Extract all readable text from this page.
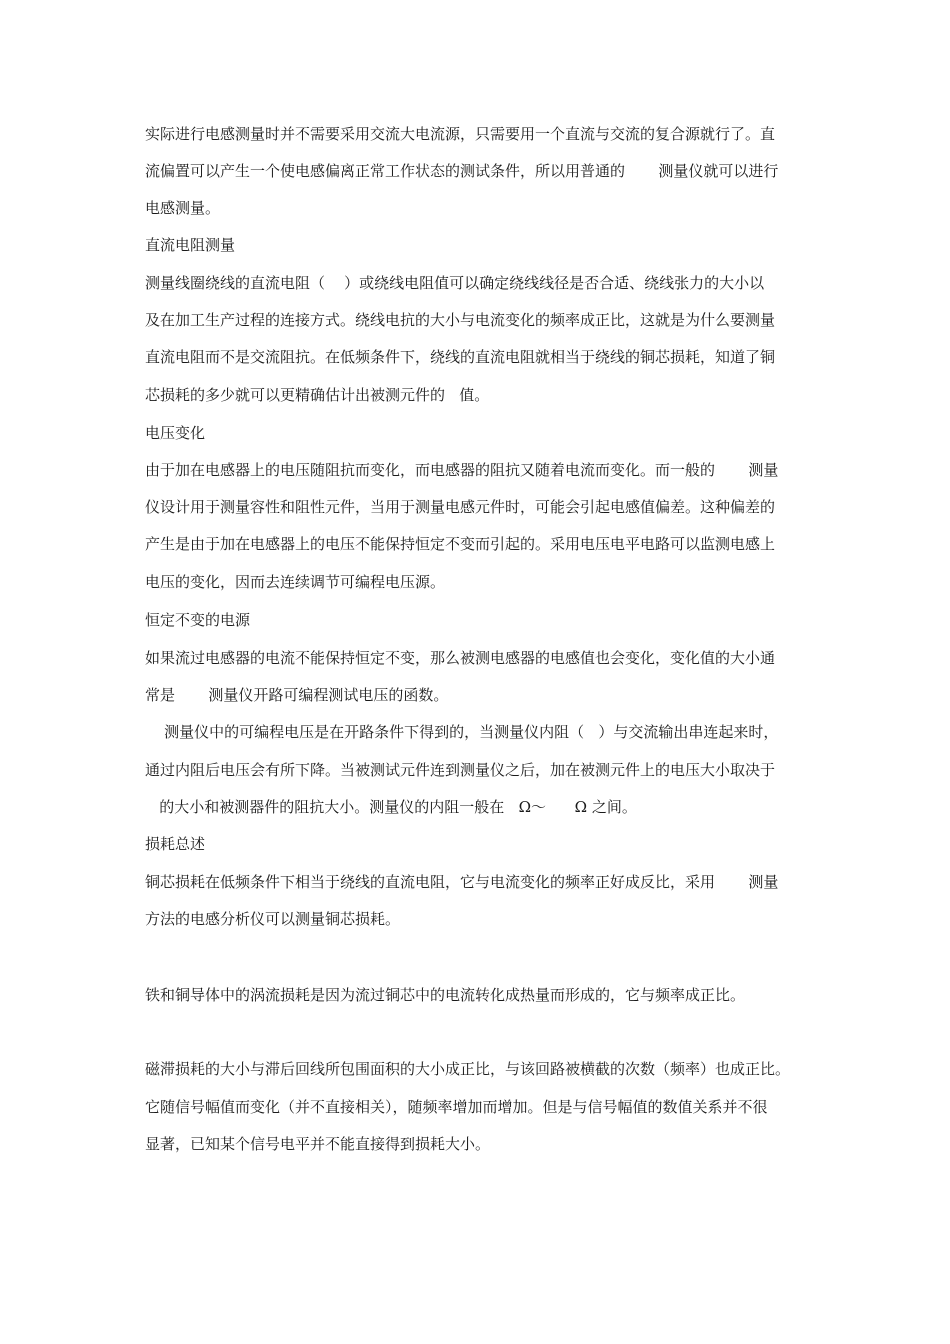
实际进行电感测量时并不需要采用交流大电流源，只需要用一个直流与交流的复合源就行了。直
流偏置可以产生一个使电感偏离正常工作状态的测试条件，所以用普通的       测量仪就可以进行
电感测量。
直流电阻测量
测量线圈绕线的直流电阻（    ）或绕线电阻值可以确定绕线线径是否合适、绕线张力的大小以
及在加工生产过程的连接方式。绕线电抗的大小与电流变化的频率成正比，这就是为什么要测量
直流电阻而不是交流阻抗。在低频条件下，绕线的直流电阻就相当于绕线的铜芯损耗，知道了铜
芯损耗的多少就可以更精确估计出被测元件的   值。
电压变化
由于加在电感器上的电压随阻抗而变化，而电感器的阻抗又随着电流而变化。而一般的       测量
仪设计用于测量容性和阻性元件，当用于测量电感元件时，可能会引起电感值偏差。这种偏差的
产生是由于加在电感器上的电压不能保持恒定不变而引起的。采用电压电平电路可以监测电感上
电压的变化，因而去连续调节可编程电压源。
恒定不变的电源
如果流过电感器的电流不能保持恒定不变，那么被测电感器的电感值也会变化，变化值的大小通
常是       测量仪开路可编程测试电压的函数。
测量仪中的可编程电压是在开路条件下得到的，当测量仪内阻（   ）与交流输出串连起来时，
通过内阻后电压会有所下降。当被测试元件连到测量仪之后，加在被测元件上的电压大小取决于
的大小和被测器件的阻抗大小。测量仪的内阻一般在   Ω～      Ω 之间。
损耗总述
铜芯损耗在低频条件下相当于绕线的直流电阻，它与电流变化的频率正好成反比，采用       测量
方法的电感分析仪可以测量铜芯损耗。
铁和铜导体中的涡流损耗是因为流过铜芯中的电流转化成热量而形成的，它与频率成正比。
磁滞损耗的大小与滞后回线所包围面积的大小成正比，与该回路被横截的次数（频率）也成正比。
它随信号幅值而变化（并不直接相关），随频率增加而增加。但是与信号幅值的数值关系并不很
显著，已知某个信号电平并不能直接得到损耗大小。
